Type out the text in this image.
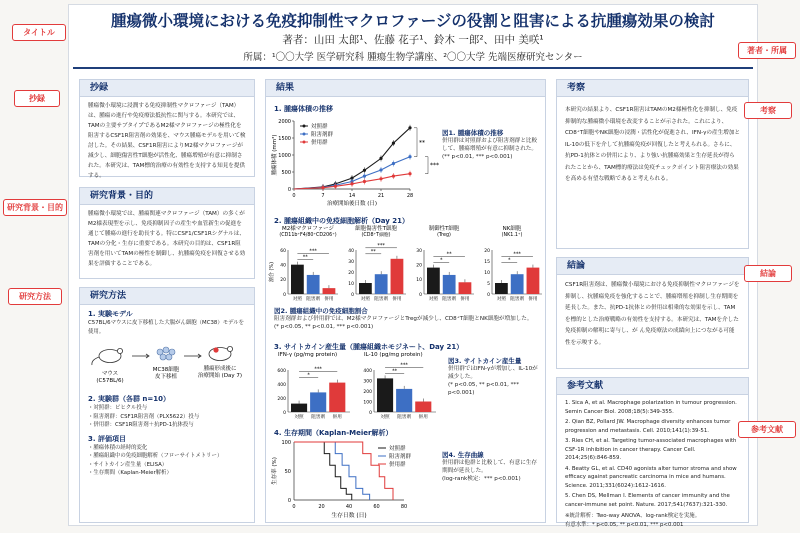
タイトル
抄録
研究背景・目的
研究方法
著者・所属
考察
結論
参考文献
腫瘍微小環境における免疫抑制性マクロファージの役割と阻害による抗腫瘍効果の検討
著者：山田 太郎¹、佐藤 花子¹、鈴木 一郎²、田中 美咲¹
所属：¹〇〇大学 医学研究科 腫瘍生物学講座、²〇〇大学 先端医療研究センター
抄録
腫瘍微小環境に浸潤する免疫抑制性マクロファージ（TAM）は、腫瘍の進行や免疫療法抵抗性に関与する。本研究では、TAMの主要サブタイプであるM2様マクロファージの極性化を阻害するCSF1R阻害剤の効果を、マウス腫瘍モデルを用いて検討した。その結果、CSF1R阻害によりM2様マクロファージが減少し、細胞傷害性T細胞が活性化、腫瘍増殖が有意に抑制された。本研究は、TAM標的治療の有効性を支持する知見を提供する。
研究背景・目的
腫瘍微小環境では、腫瘍関連マクロファージ（TAM）の多くがM2様表現型を示し、免疫抑制因子の産生や血管新生の促進を通じて腫瘍の進行を助長する。特にCSF1/CSF1Rシグナルは、TAMの分化・生存に重要である。本研究の目的は、CSF1R阻害剤を用いてTAMの極性を制御し、抗腫瘍免疫を回復させる効果を評価することである。
研究方法
1. 実験モデル
C57BL/6マウスに皮下移植した大腸がん細胞（MC38）モデルを使用。
マウス
(C57BL/6)
MC38細胞
皮下移植
腫瘍形成後に
治療開始 (Day 7)
2. 実験群（各群 n=10）
・対照群：ビヒクル投与
・阻害剤群：CSF1R阻害剤（PLX5622）投与
・併用群：CSF1R阻害剤＋抗PD-1抗体投与
3. 評価項目
・腫瘍体積の経時的変化
・腫瘍組織中の免疫細胞解析（フローサイトメトリー）
・サイトカイン産生量（ELISA）
・生存期間（Kaplan-Meier解析）
結果
1. 腫瘍体積の推移
0
500
1000
1500
2000
0	7	14	21	28
治療開始後日数 (日)
腫瘍体積 (mm³)
対照群
阻害剤群
併用群	**
***
図1. 腫瘍体積の推移
併用群は対照群および阻害剤群と比較して、腫瘍増殖が有意に抑制された。
(** p<0.01, *** p<0.001)
2. 腫瘍組織中の免疫細胞解析（Day 21）
M2様マクロファージ
(CD11b⁺F4/80⁺CD206⁺)
0
20
40
60
対照 阻害剤 併用
**
***
細胞傷害性T細胞
(CD8⁺T細胞)
0
10
20
30
40
対照 阻害剤 併用
**
***
制御性T細胞
(Treg)
0
10
20
30
対照 阻害剤 併用
*
**
NK細胞
(NK1.1⁺)
0
5
10
15
20
対照 阻害剤 併用
*
***
割合 (%)
図2. 腫瘍組織中の免疫細胞割合
阻害剤群および併用群では、M2様マクロファージとTregが減少し、CD8⁺T細胞とNK細胞が増加した。
(* p<0.05, ** p<0.01, *** p<0.001)
3. サイトカイン産生量（腫瘍組織ホモジネート、Day 21）
IFN-γ (pg/mg protein)
0
200
400
600
対照 阻害剤 併用
*
***
IL-10 (pg/mg protein)
0
100
200
300
400
対照 阻害剤 併用
**
***
図3. サイトカイン産生量
併用群ではIFN-γが増加し、IL-10が減少した。
(* p<0.05, ** p<0.01, *** p<0.001)
4. 生存期間（Kaplan-Meier解析）
0
50
100
0	20	40	60	80
生存日数 (日)
生存率 (%)
対照群
阻害剤群
併用群
図4. 生存曲線
併用群は他群と比較して、有意に生存期間が延長した。
(log-rank検定：*** p<0.001)
考察
本研究の結果より、CSF1R阻害はTAMのM2様極性化を抑制し、免疫抑制的な腫瘍微小環境を改変することが示された。これにより、CD8⁺T細胞やNK細胞の浸潤・活性化が促進され、IFN-γの産生増加とIL-10の低下を介して抗腫瘍免疫が回復したと考えられる。さらに、抗PD-1抗体との併用により、より強い抗腫瘍効果と生存延長が得られたことから、TAM標的療法は免疫チェックポイント阻害療法の効果を高める有望な戦略であると考えられる。
結論
CSF1R阻害剤は、腫瘍微小環境における免疫抑制性マクロファージを抑制し、抗腫瘍免疫を強化することで、腫瘍増殖を抑制し生存期間を延長した。また、抗PD-1抗体との併用は相乗的な効果を示し、TAMを標的とした治療戦略の有効性を支持する。本研究は、TAMを介した免疫抑制の解明に寄与し、が ん免疫療法の成績向上につながる可能性を示唆する。
参考文献
1. Sica A, et al. Macrophage polarization in tumour progression. Semin Cancer Biol. 2008;18(5):349-355.
2. Qian BZ, Pollard JW. Macrophage diversity enhances tumor progression and metastasis. Cell. 2010;141(1):39-51.
3. Ries CH, et al. Targeting tumor-associated macrophages with CSF-1R inhibition in cancer therapy. Cancer Cell. 2014;25(6):846-859.
4. Beatty GL, et al. CD40 agonists alter tumor stroma and show efficacy against pancreatic carcinoma in mice and humans. Science. 2011;331(6024):1612-1616.
5. Chen DS, Mellman I. Elements of cancer immunity and the cancer-immune set point. Nature. 2017;541(7637):321-330.
※統計解析：Two-way ANOVA、log-rank検定を実施。
有意水準：* p<0.05, ** p<0.01, *** p<0.001
